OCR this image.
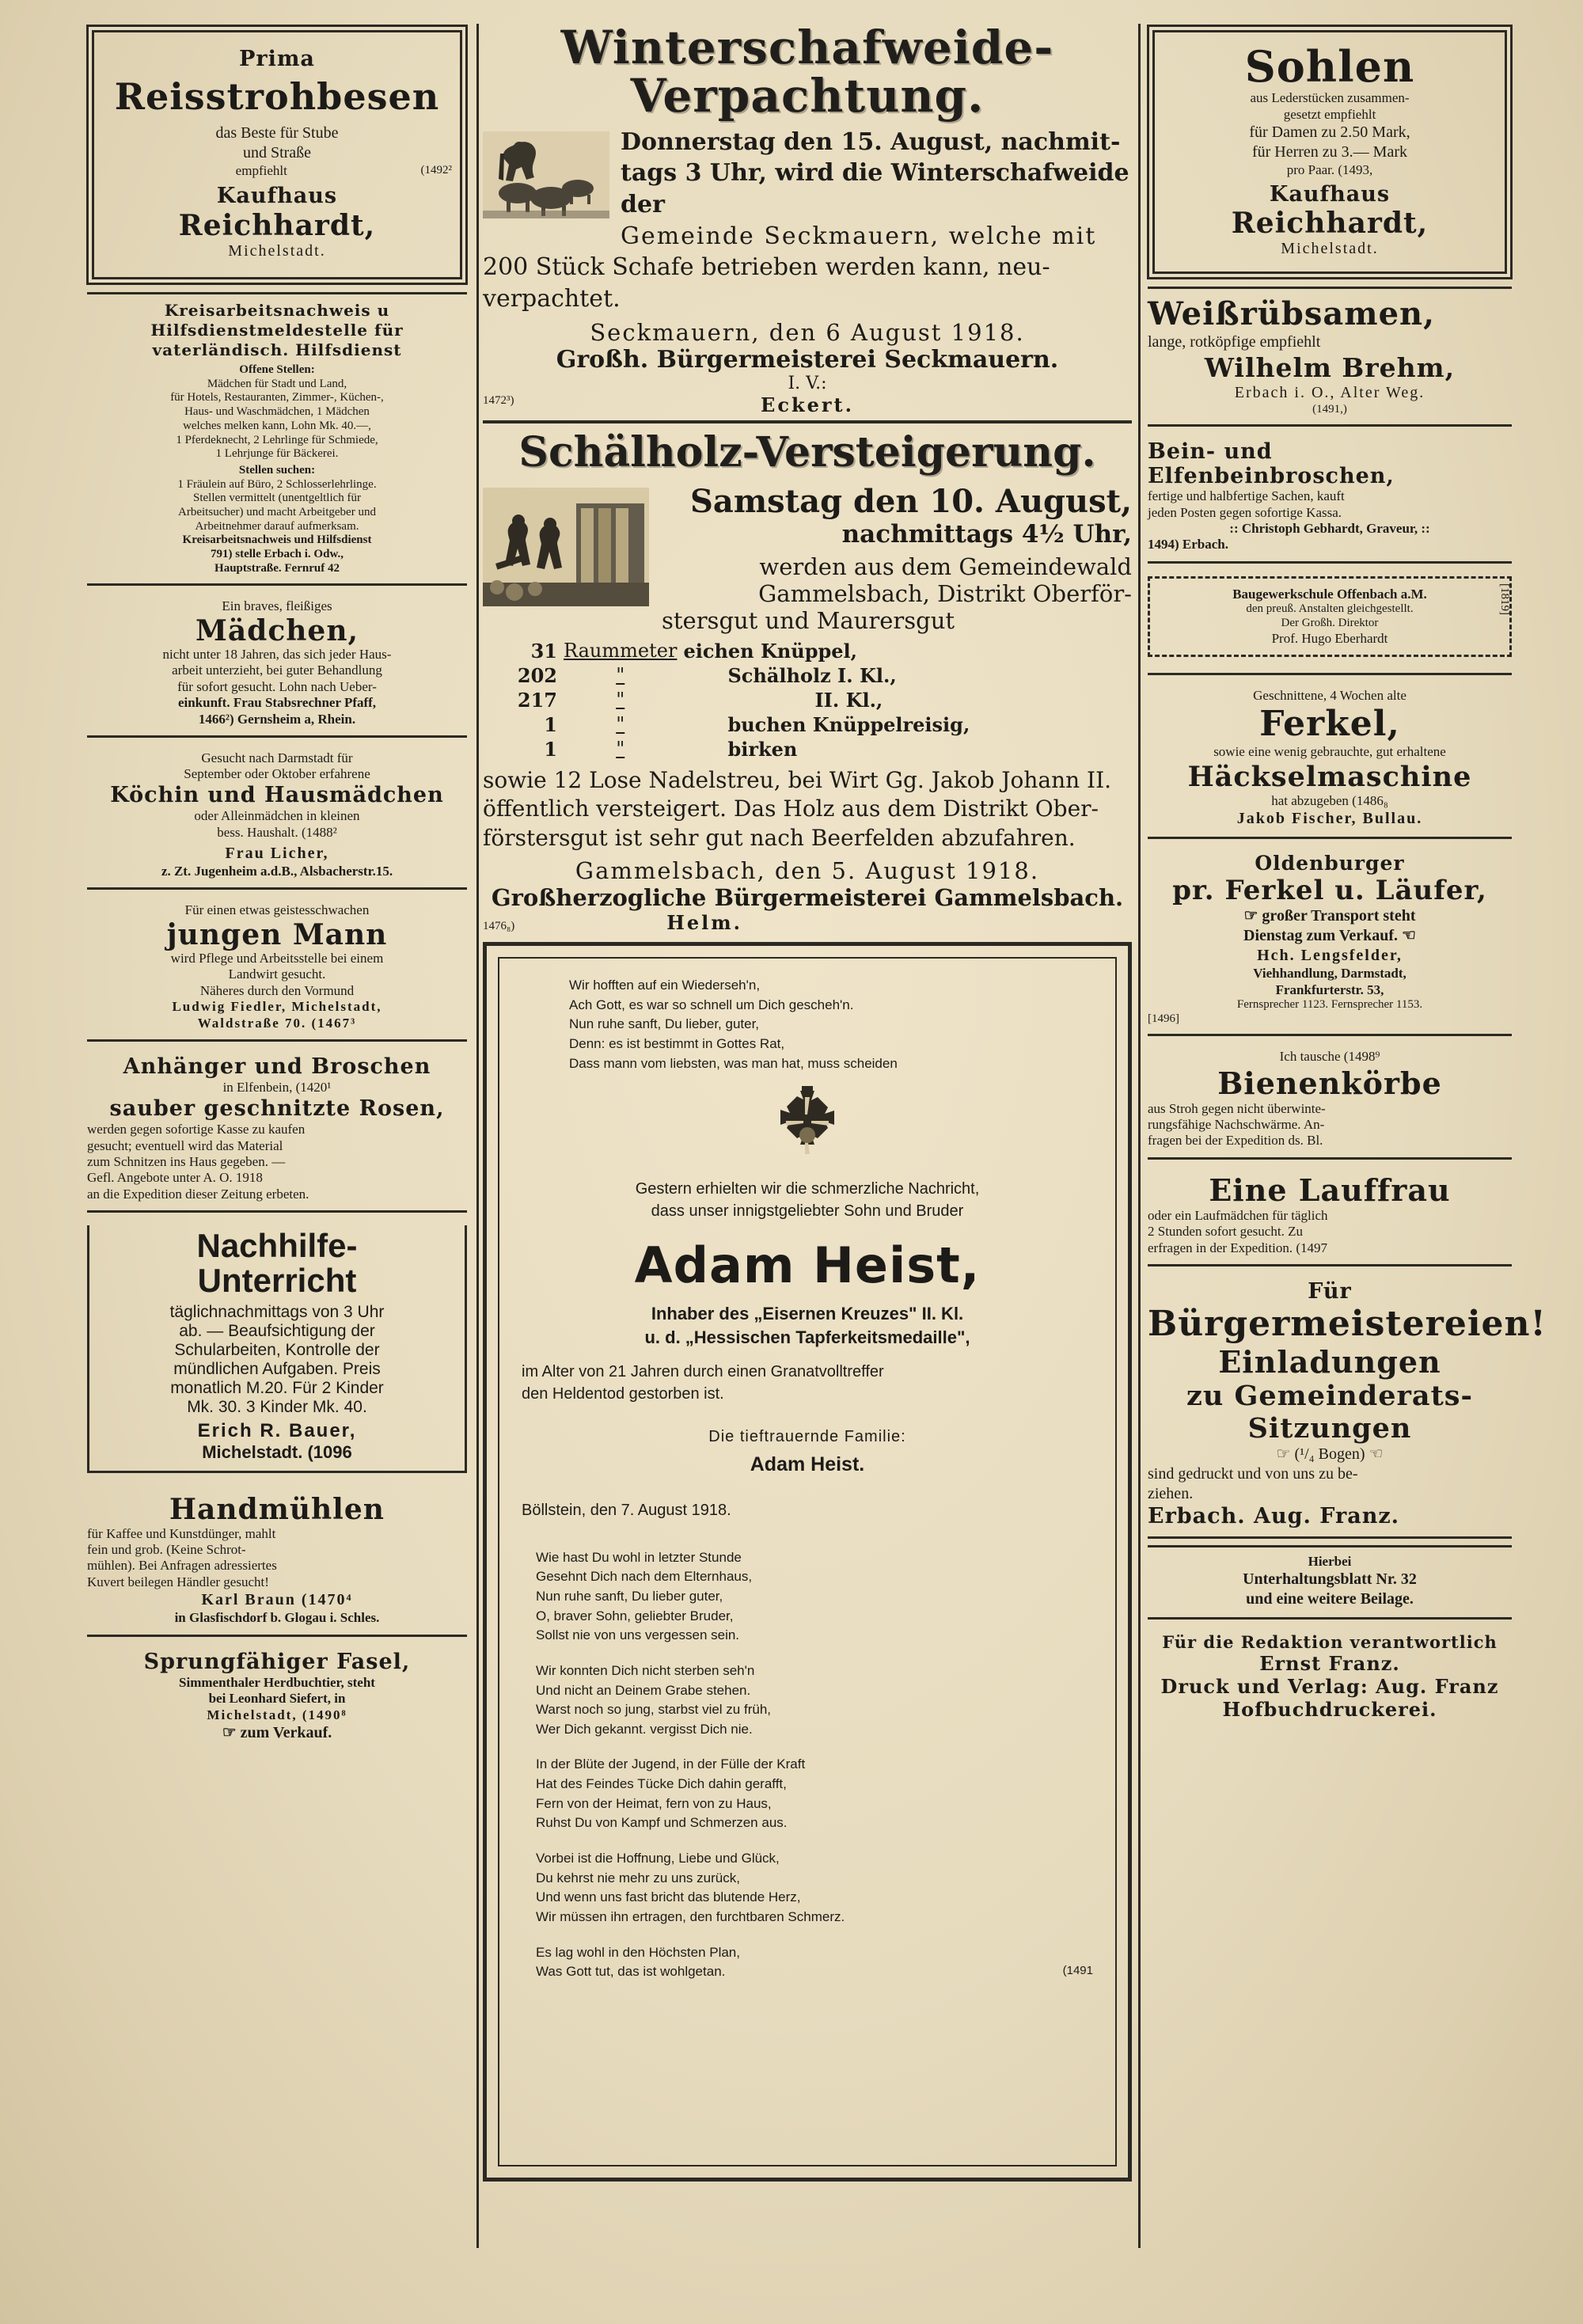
Prima
Reisstrohbesen
das Beste für Stube
und Straße
empfiehlt	(1492²
Kaufhaus
Reichhardt,
Michelstadt.
Kreisarbeitsnachweis u
Hilfsdienstmeldestelle für
vaterländisch. Hilfsdienst
Offene Stellen:
Mädchen für Stadt und Land,
für Hotels, Restauranten, Zimmer-, Küchen-,
Haus- und Waschmädchen, 1 Mädchen
welches melken kann, Lohn Mk. 40.—,
1 Pferdeknecht, 2 Lehrlinge für Schmiede,
1 Lehrjunge für Bäckerei.
Stellen suchen:
1 Fräulein auf Büro, 2 Schlosserlehrlinge.
Stellen vermittelt (unentgeltlich für
Arbeitsucher) und macht Arbeitgeber und
Arbeitnehmer darauf aufmerksam.
Kreisarbeitsnachweis und Hilfsdienst
791) stelle Erbach i. Odw.,
Hauptstraße. Fernruf 42
Ein braves, fleißiges
Mädchen,
nicht unter 18 Jahren, das sich jeder Haus-
arbeit unterzieht, bei guter Behandlung
für sofort gesucht. Lohn nach Ueber-
einkunft. Frau Stabsrechner Pfaff,
1466²) Gernsheim a, Rhein.
Gesucht nach Darmstadt für
September oder Oktober erfahrene
Köchin und Hausmädchen
oder Alleinmädchen in kleinen
bess. Haushalt. (1488²
Frau Licher,
z. Zt. Jugenheim a.d.B., Alsbacherstr.15.
Für einen etwas geistesschwachen
jungen Mann
wird Pflege und Arbeitsstelle bei einem
Landwirt gesucht.
Näheres durch den Vormund
Ludwig Fiedler, Michelstadt,
Waldstraße 70. (1467³
Anhänger und Broschen
in Elfenbein, (1420¹
sauber geschnitzte Rosen,
werden gegen sofortige Kasse zu kaufen
gesucht; eventuell wird das Material
zum Schnitzen ins Haus gegeben. —
Gefl. Angebote unter A. O. 1918
an die Expedition dieser Zeitung erbeten.
Nachhilfe-
Unterricht
täglichnachmittags von 3 Uhr
ab. — Beaufsichtigung der
Schularbeiten, Kontrolle der
mündlichen Aufgaben. Preis
monatlich M.20. Für 2 Kinder
Mk. 30. 3 Kinder Mk. 40.
Erich R. Bauer,
Michelstadt. (1096
Handmühlen
für Kaffee und Kunstdünger, mahlt
fein und grob. (Keine Schrot-
mühlen). Bei Anfragen adressiertes
Kuvert beilegen Händler gesucht!
Karl Braun (1470⁴
in Glasfischdorf b. Glogau i. Schles.
Sprungfähiger Fasel,
Simmenthaler Herdbuchtier, steht
bei Leonhard Siefert, in
Michelstadt, (1490⁸
☞ zum Verkauf.
Winterschafweide-
Verpachtung.
Donnerstag den 15. August, nachmit-
tags 3 Uhr, wird die Winterschafweide der
Gemeinde Seckmauern, welche mit
200 Stück Schafe betrieben werden kann, neu-
verpachtet.
Seckmauern, den 6 August 1918.
Großh. Bürgermeisterei Seckmauern.
I. V.:
Eckert.
1472³)
Schälholz-Versteigerung.
Samstag den 10. August,
nachmittags 4½ Uhr,
werden aus dem Gemeindewald
Gammelsbach, Distrikt Oberför-
stersgut und Maurersgut
31	Raummeter	eichen Knüppel,
202	"	Schälholz I. Kl.,
217	"	II. Kl.,
1	"	buchen Knüppelreisig,
1	"	birken
sowie 12 Lose Nadelstreu, bei Wirt Gg. Jakob Johann II.
öffentlich versteigert. Das Holz aus dem Distrikt Ober-
förstersgut ist sehr gut nach Beerfelden abzufahren.
Gammelsbach, den 5. August 1918.
Großherzogliche Bürgermeisterei Gammelsbach.
1476₈)	Helm.
Wir hofften auf ein Wiederseh'n,
Ach Gott, es war so schnell um Dich gescheh'n.
Nun ruhe sanft, Du lieber, guter,
Denn: es ist bestimmt in Gottes Rat,
Dass mann vom liebsten, was man hat, muss scheiden
Gestern erhielten wir die schmerzliche Nachricht,
dass unser innigstgeliebter Sohn und Bruder
Adam Heist,
Inhaber des „Eisernen Kreuzes" II. Kl.
u. d. „Hessischen Tapferkeitsmedaille",
im Alter von 21 Jahren durch einen Granatvolltreffer
den Heldentod gestorben ist.
Die tieftrauernde Familie:
Adam Heist.
Böllstein, den 7. August 1918.
Wie hast Du wohl in letzter Stunde
Gesehnt Dich nach dem Elternhaus,
Nun ruhe sanft, Du lieber guter,
O, braver Sohn, geliebter Bruder,
Sollst nie von uns vergessen sein.
Wir konnten Dich nicht sterben seh'n
Und nicht an Deinem Grabe stehen.
Warst noch so jung, starbst viel zu früh,
Wer Dich gekannt. vergisst Dich nie.
In der Blüte der Jugend, in der Fülle der Kraft
Hat des Feindes Tücke Dich dahin gerafft,
Fern von der Heimat, fern von zu Haus,
Ruhst Du von Kampf und Schmerzen aus.
Vorbei ist die Hoffnung, Liebe und Glück,
Du kehrst nie mehr zu uns zurück,
Und wenn uns fast bricht das blutende Herz,
Wir müssen ihn ertragen, den furchtbaren Schmerz.
Es lag wohl in den Höchsten Plan,
Was Gott tut, das ist wohlgetan.	(1491
Sohlen
aus Lederstücken zusammen-
gesetzt empfiehlt
für Damen zu 2.50 Mark,
für Herren zu 3.— Mark
pro Paar. (1493,
Kaufhaus
Reichhardt,
Michelstadt.
Weißrübsamen,
lange, rotköpfige empfiehlt
Wilhelm Brehm,
Erbach i. O., Alter Weg.
(1491,)
Bein- und Elfenbeinbroschen,
fertige und halbfertige Sachen, kauft
jeden Posten gegen sofortige Kassa.
:: Christoph Gebhardt, Graveur, ::
1494) Erbach.
Baugewerkschule Offenbach a.M.
den preuß. Anstalten gleichgestellt.
Der Großh. Direktor
Prof. Hugo Eberhardt
[1819]
Geschnittene, 4 Wochen alte
Ferkel,
sowie eine wenig gebrauchte, gut erhaltene
Häckselmaschine
hat abzugeben (1486₈
Jakob Fischer, Bullau.
Oldenburger
pr. Ferkel u. Läufer,
☞ großer Transport steht
Dienstag zum Verkauf. ☜
Hch. Lengsfelder,
Viehhandlung, Darmstadt,
Frankfurterstr. 53,
Fernsprecher 1123. Fernsprecher 1153.
[1496]
Ich tausche (1498⁹
Bienenkörbe
aus Stroh gegen nicht überwinte-
rungsfähige Nachschwärme. An-
fragen bei der Expedition ds. Bl.
Eine Lauffrau
oder ein Laufmädchen für täglich
2 Stunden sofort gesucht. Zu
erfragen in der Expedition. (1497
Für
Bürgermeistereien!
Einladungen
zu Gemeinderats-
Sitzungen
☞ (¹/₄ Bogen) ☜
sind gedruckt und von uns zu be-
ziehen.
Erbach. Aug. Franz.
Hierbei
Unterhaltungsblatt Nr. 32
und eine weitere Beilage.
Für die Redaktion verantwortlich
Ernst Franz.
Druck und Verlag: Aug. Franz
Hofbuchdruckerei.
